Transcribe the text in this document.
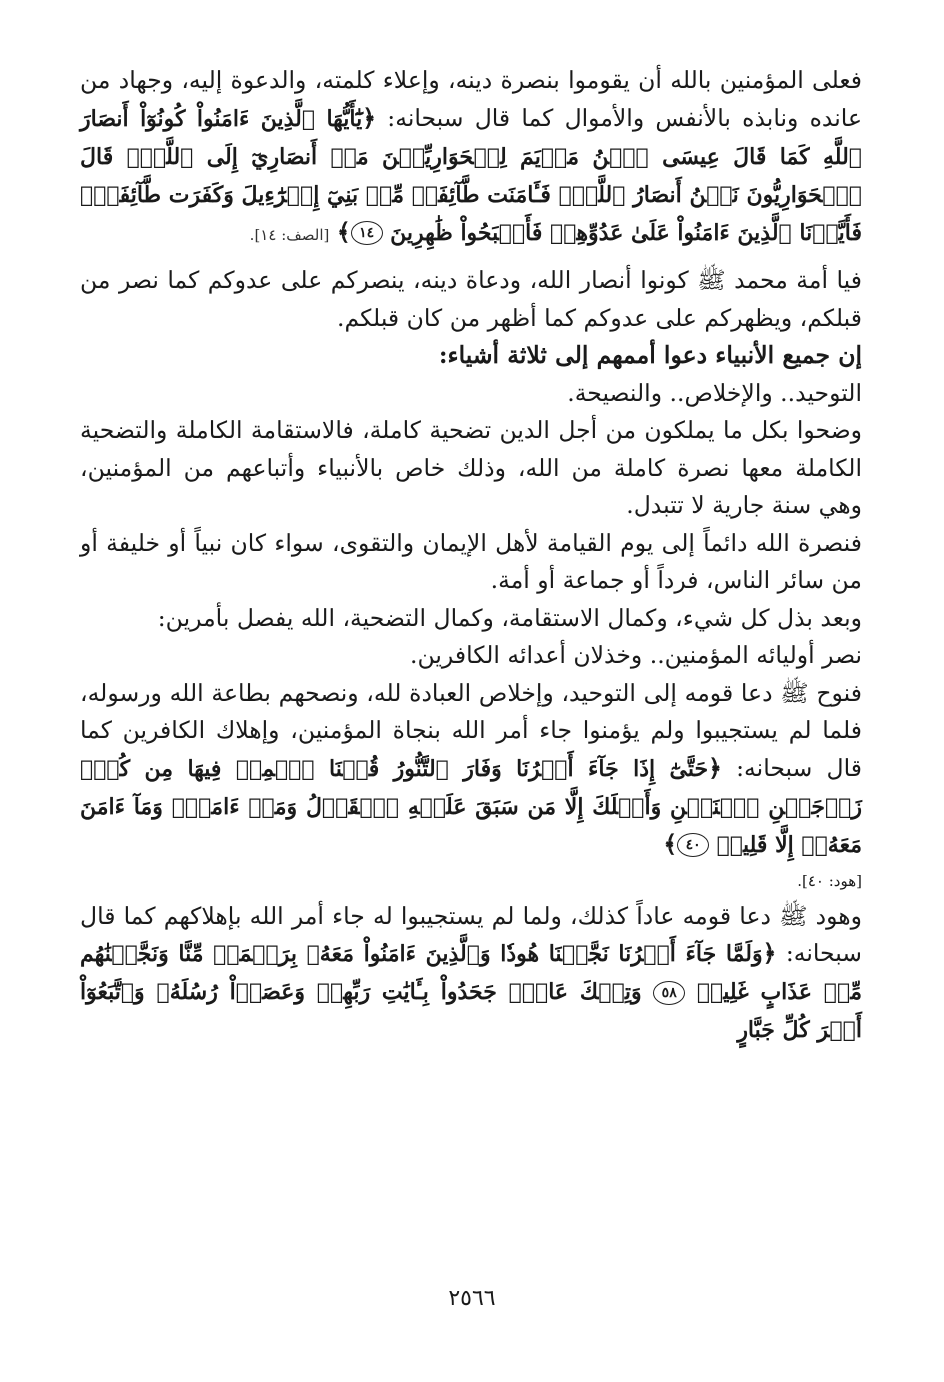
فعلى المؤمنين بالله أن يقوموا بنصرة دينه، وإعلاء كلمته، والدعوة إليه، وجهاد من عانده ونابذه بالأنفس والأموال كما قال سبحانه: ﴿يَٰٓأَيُّهَا ٱلَّذِينَ ءَامَنُواْ كُونُوٓاْ أَنصَارَ ٱللَّهِ كَمَا قَالَ عِيسَى ٱبۡنُ مَرۡيَمَ لِلۡحَوَارِيِّـۧنَ مَنۡ أَنصَارِيٓ إِلَى ٱللَّهِۖ قَالَ ٱلۡحَوَارِيُّونَ نَحۡنُ أَنصَارُ ٱللَّهِۖ فَـَٔامَنَت طَّآئِفَةٞ مِّنۢ بَنِيٓ إِسۡرَٰٓءِيلَ وَكَفَرَت طَّآئِفَةٞۖ فَأَيَّدۡنَا ٱلَّذِينَ ءَامَنُواْ عَلَىٰ عَدُوِّهِمۡ فَأَصۡبَحُواْ ظَٰهِرِينَ ١٤﴾ [الصف: ١٤].

فيا أمة محمد ﷺ كونوا أنصار الله، ودعاة دينه، ينصركم على عدوكم كما نصر من قبلكم، ويظهركم على عدوكم كما أظهر من كان قبلكم.

إن جميع الأنبياء دعوا أممهم إلى ثلاثة أشياء:

التوحيد.. والإخلاص.. والنصيحة.

وضحوا بكل ما يملكون من أجل الدين تضحية كاملة، فالاستقامة الكاملة والتضحية الكاملة معها نصرة كاملة من الله، وذلك خاص بالأنبياء وأتباعهم من المؤمنين، وهي سنة جارية لا تتبدل.

فنصرة الله دائماً إلى يوم القيامة لأهل الإيمان والتقوى، سواء كان نبياً أو خليفة أو من سائر الناس، فرداً أو جماعة أو أمة.

وبعد بذل كل شيء، وكمال الاستقامة، وكمال التضحية، الله يفصل بأمرين:

نصر أوليائه المؤمنين.. وخذلان أعدائه الكافرين.

فنوح ﷺ دعا قومه إلى التوحيد، وإخلاص العبادة لله، ونصحهم بطاعة الله ورسوله، فلما لم يستجيبوا ولم يؤمنوا جاء أمر الله بنجاة المؤمنين، وإهلاك الكافرين كما قال سبحانه: ﴿حَتَّىٰٓ إِذَا جَآءَ أَمۡرُنَا وَفَارَ ٱلتَّنُّورُ قُلۡنَا ٱحۡمِلۡ فِيهَا مِن كُلّٖ زَوۡجَيۡنِ ٱثۡنَيۡنِ وَأَهۡلَكَ إِلَّا مَن سَبَقَ عَلَيۡهِ ٱلۡقَوۡلُ وَمَنۡ ءَامَنَۚ وَمَآ ءَامَنَ مَعَهُۥٓ إِلَّا قَلِيلٞ ٤٠﴾

[هود: ٤٠].

وهود ﷺ دعا قومه عاداً كذلك، ولما لم يستجيبوا له جاء أمر الله بإهلاكهم كما قال سبحانه: ﴿وَلَمَّا جَآءَ أَمۡرُنَا نَجَّيۡنَا هُودٗا وَٱلَّذِينَ ءَامَنُواْ مَعَهُۥ بِرَحۡمَةٖ مِّنَّا وَنَجَّيۡنَٰهُم مِّنۡ عَذَابٍ غَلِيظٖ ٥٨ وَتِلۡكَ عَادٞۖ جَحَدُواْ بِـَٔايَٰتِ رَبِّهِمۡ وَعَصَوۡاْ رُسُلَهُۥ وَٱتَّبَعُوٓاْ أَمۡرَ كُلِّ جَبَّارٍ

٢٥٦٦
